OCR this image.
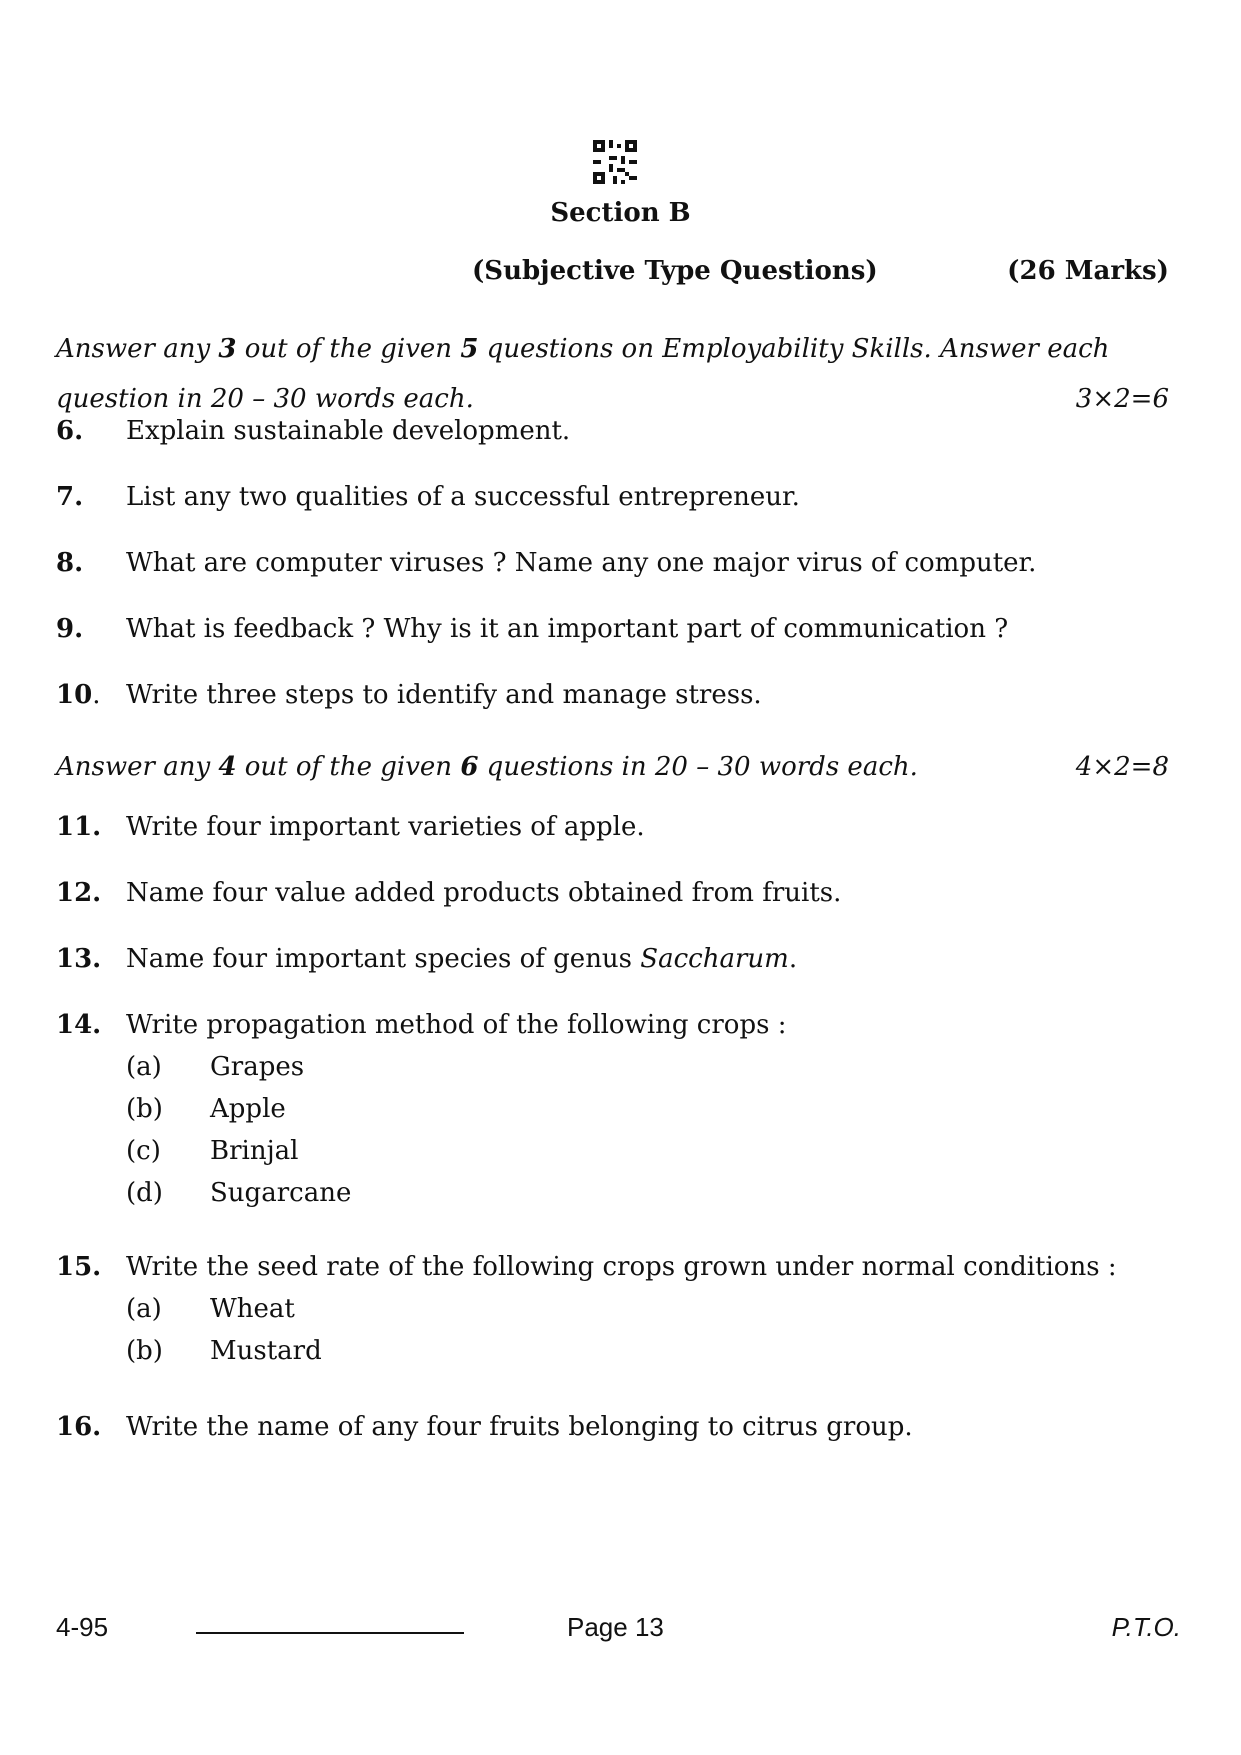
Section B
(Subjective Type Questions)	(26 Marks)
Answer any 3 out of the given 5 questions on Employability Skills. Answer each
question in 20 – 30 words each.	3×2=6
6. Explain sustainable development.
7. List any two qualities of a successful entrepreneur.
8. What are computer viruses ? Name any one major virus of computer.
9. What is feedback ? Why is it an important part of communication ?
10. Write three steps to identify and manage stress.
Answer any 4 out of the given 6 questions in 20 – 30 words each.	4×2=8
11. Write four important varieties of apple.
12. Name four value added products obtained from fruits.
13. Name four important species of genus Saccharum.
14. Write propagation method of the following crops :
(a) Grapes
(b) Apple
(c) Brinjal
(d) Sugarcane
15. Write the seed rate of the following crops grown under normal conditions :
(a) Wheat
(b) Mustard
16. Write the name of any four fruits belonging to citrus group.
4-95	Page 13	P.T.O.
